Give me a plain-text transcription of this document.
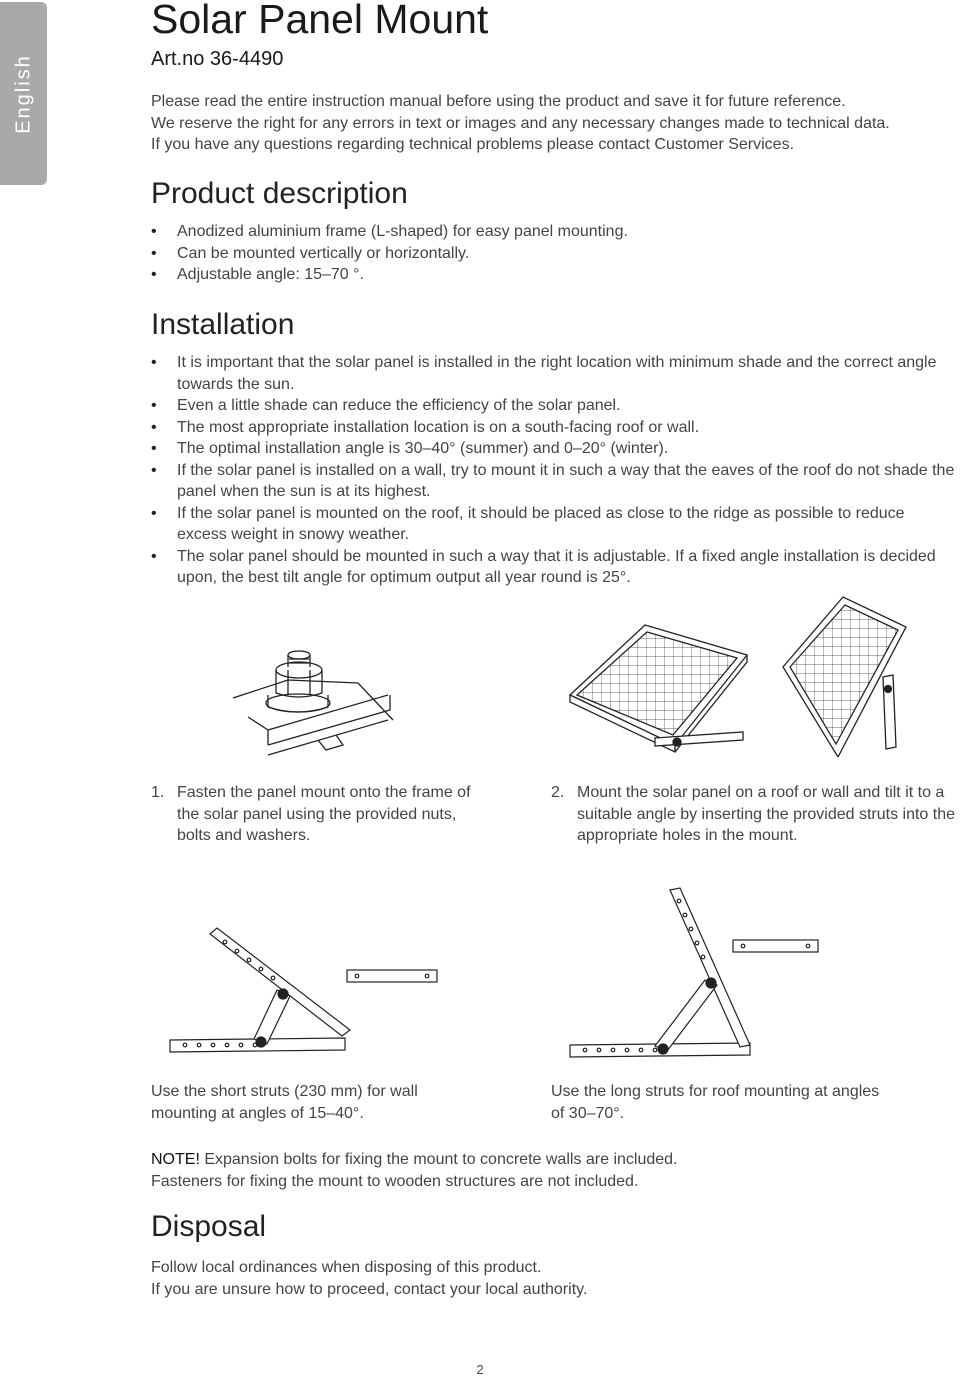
English
Solar Panel Mount
Art.no 36-4490

Please read the entire instruction manual before using the product and save it for future reference.

We reserve the right for any errors in text or images and any necessary changes made to technical data.

If you have any questions regarding technical problems please contact Customer Services.

Product description
• Anodized aluminium frame (L-shaped) for easy panel mounting.
• Can be mounted vertically or horizontally.
• Adjustable angle: 15–70 °.
Installation
• It is important that the solar panel is installed in the right location with minimum shade and the correct angle towards the sun.
• Even a little shade can reduce the efficiency of the solar panel.
• The most appropriate installation location is on a south-facing roof or wall.
• The optimal installation angle is 30–40° (summer) and 0–20° (winter).
• If the solar panel is installed on a wall, try to mount it in such a way that the eaves of the roof do not shade the panel when the sun is at its highest.
• If the solar panel is mounted on the roof, it should be placed as close to the ridge as possible to reduce excess weight in snowy weather.
• The solar panel should be mounted in such a way that it is adjustable. If a fixed angle installation is decided upon, the best tilt angle for optimum output all year round is 25°.
1. Fasten the panel mount onto the frame of the solar panel using the provided nuts, bolts and washers.
2. Mount the solar panel on a roof or wall and tilt it to a suitable angle by inserting the provided struts into the appropriate holes in the mount.
Use the short struts (230 mm) for wall mounting at angles of 15–40°.
Use the long struts for roof mounting at angles of 30–70°.

NOTE! Expansion bolts for fixing the mount to concrete walls are included.

Fasteners for fixing the mount to wooden structures are not included.

Disposal

Follow local ordinances when disposing of this product.

If you are unsure how to proceed, contact your local authority.

2
